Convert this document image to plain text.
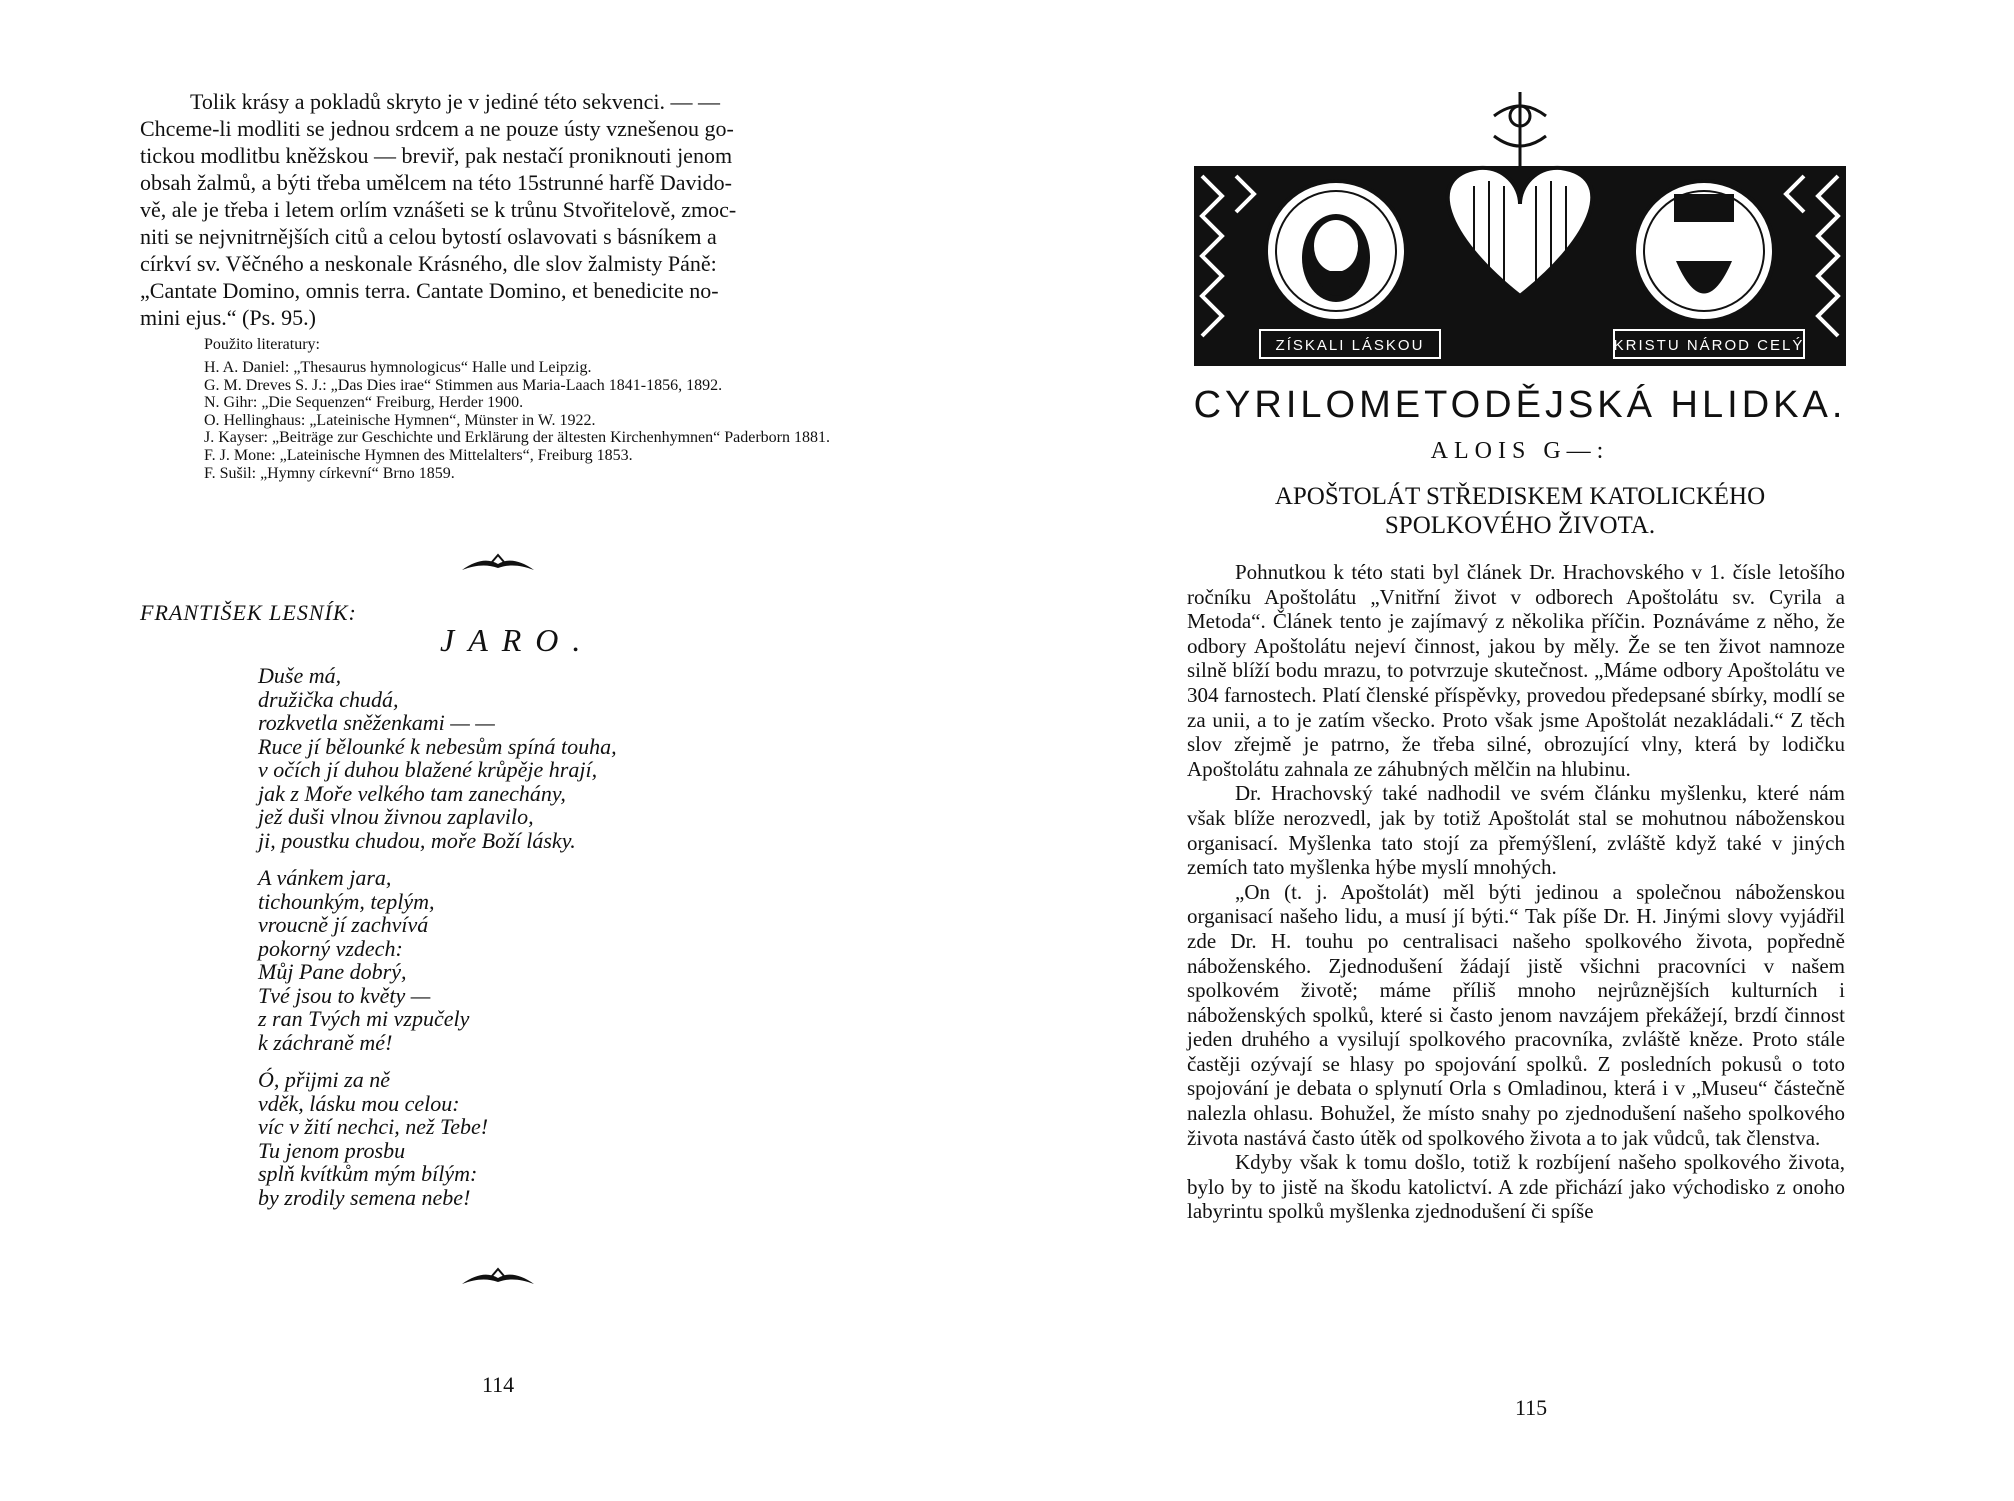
Tolik krásy a pokladů skryto je v jediné této sekvenci. — —
Chceme-li modliti se jednou srdcem a ne pouze ústy vznešenou go-
tickou modlitbu kněžskou — breviř, pak nestačí proniknouti jenom
obsah žalmů, a býti třeba umělcem na této 15strunné harfě Davido-
vě, ale je třeba i letem orlím vznášeti se k trůnu Stvořitelově, zmoc-
niti se nejvnitrnějších citů a celou bytostí oslavovati s básníkem a
církví sv. Věčného a neskonale Krásného, dle slov žalmisty Páně:
„Cantate Domino, omnis terra. Cantate Domino, et benedicite no-
mini ejus.“ (Ps. 95.)
Použito literatury:

H. A. Daniel: „Thesaurus hymnologicus“ Halle und Leipzig.

G. M. Dreves S. J.: „Das Dies irae“ Stimmen aus Maria-Laach 1841-1856, 1892.

N. Gihr: „Die Sequenzen“ Freiburg, Herder 1900.

O. Hellinghaus: „Lateinische Hymnen“, Münster in W. 1922.

J. Kayser: „Beiträge zur Geschichte und Erklärung der ältesten Kirchenhymnen“ Paderborn 1881.

F. J. Mone: „Lateinische Hymnen des Mittelalters“, Freiburg 1853.

F. Sušil: „Hymny církevní“ Brno 1859.

FRANTIŠEK LESNÍK:
JARO.
Duše má,
družička chudá,
rozkvetla sněženkami — —
Ruce jí bělounké k nebesům spíná touha,
v očích jí duhou blažené krůpěje hrají,
jak z Moře velkého tam zanechány,
jež duši vlnou živnou zaplavilo,
ji, poustku chudou, moře Boží lásky.
A vánkem jara,
tichounkým, teplým,
vroucně jí zachvívá
pokorný vzdech:
Můj Pane dobrý,
Tvé jsou to květy —
z ran Tvých mi vzpučely
k záchraně mé!
Ó, přijmi za ně
vděk, lásku mou celou:
víc v žití nechci, než Tebe!
Tu jenom prosbu
splň kvítkům mým bílým:
by zrodily semena nebe!
114
ZÍSKALI LÁSKOU	KRISTU NÁROD CELÝ
CYRILOMETODĚJSKÁ HLIDKA.
ALOIS G—:
APOŠTOLÁT STŘEDISKEM KATOLICKÉHO
SPOLKOVÉHO ŽIVOTA.

Pohnutkou k této stati byl článek Dr. Hrachovského v 1. čísle letošího ročníku Apoštolátu „Vnitřní život v odborech Apoštolátu sv. Cyrila a Metoda“. Článek tento je zajímavý z několika příčin. Poznáváme z něho, že odbory Apoštolátu nejeví činnost, jakou by měly. Že se ten život namnoze silně blíží bodu mrazu, to potvrzuje skutečnost. „Máme odbory Apoštolátu ve 304 farnostech. Platí členské příspěvky, provedou předepsané sbírky, modlí se za unii, a to je zatím všecko. Proto však jsme Apoštolát nezakládali.“ Z těch slov zřejmě je patrno, že třeba silné, obrozující vlny, která by lodičku Apoštolátu zahnala ze záhubných mělčin na hlubinu.

Dr. Hrachovský také nadhodil ve svém článku myšlenku, které nám však blíže nerozvedl, jak by totiž Apoštolát stal se mohutnou náboženskou organisací. Myšlenka tato stojí za přemýšlení, zvláště když také v jiných zemích tato myšlenka hýbe myslí mnohých.

„On (t. j. Apoštolát) měl býti jedinou a společnou náboženskou organisací našeho lidu, a musí jí býti.“ Tak píše Dr. H. Jinými slovy vyjádřil zde Dr. H. touhu po centralisaci našeho spolkového života, popředně náboženského. Zjednodušení žádají jistě všichni pracovníci v našem spolkovém životě; máme příliš mnoho nejrůznějších kulturních i náboženských spolků, které si často jenom navzájem překážejí, brzdí činnost jeden druhého a vysilují spolkového pracovníka, zvláště kněze. Proto stále častěji ozývají se hlasy po spojování spolků. Z posledních pokusů o toto spojování je debata o splynutí Orla s Omladinou, která i v „Museu“ částečně nalezla ohlasu. Bohužel, že místo snahy po zjednodušení našeho spolkového života nastává často útěk od spolkového života a to jak vůdců, tak členstva.

Kdyby však k tomu došlo, totiž k rozbíjení našeho spolkového života, bylo by to jistě na škodu katolictví. A zde přichází jako východisko z onoho labyrintu spolků myšlenka zjednodušení či spíše

115
